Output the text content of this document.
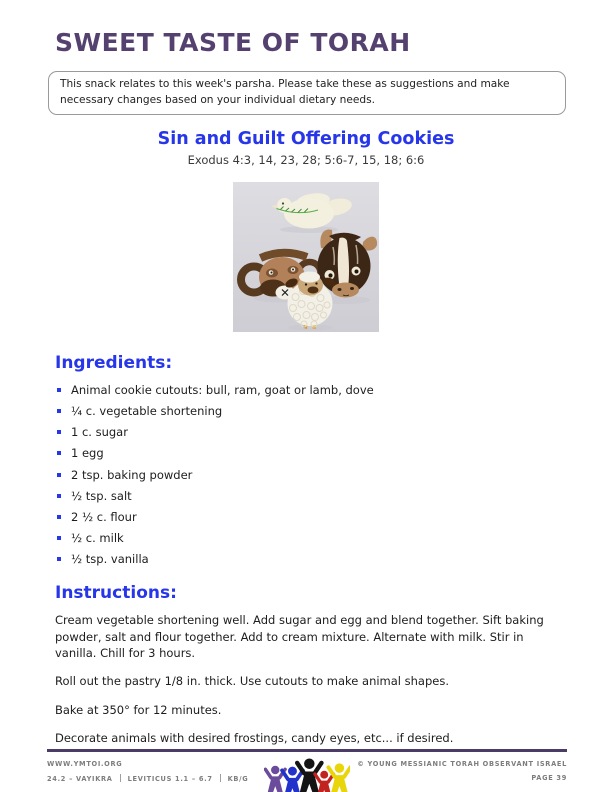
SWEET TASTE OF TORAH
This snack relates to this week's parsha. Please take these as suggestions and make necessary changes based on your individual dietary needs.
Sin and Guilt Offering Cookies
Exodus 4:3, 14, 23, 28; 5:6-7, 15, 18; 6:6
Ingredients:
Animal cookie cutouts: bull, ram, goat or lamb, dove
¼ c. vegetable shortening
1 c. sugar
1 egg
2 tsp. baking powder
½ tsp. salt
2 ½ c. flour
½ c. milk
½ tsp. vanilla
Instructions:

Cream vegetable shortening well. Add sugar and egg and blend together. Sift baking powder, salt and flour together. Add to cream mixture. Alternate with milk. Stir in vanilla. Chill for 3 hours.

Roll out the pastry 1/8 in. thick. Use cutouts to make animal shapes.

Bake at 350° for 12 minutes.

Decorate animals with desired frostings, candy eyes, etc... if desired.

WWW.YMTOI.ORG
24.2 – VAYIKRA LEVITICUS 1.1 – 6.7 KB/G
© YOUNG MESSIANIC TORAH OBSERVANT ISRAEL
PAGE 39
